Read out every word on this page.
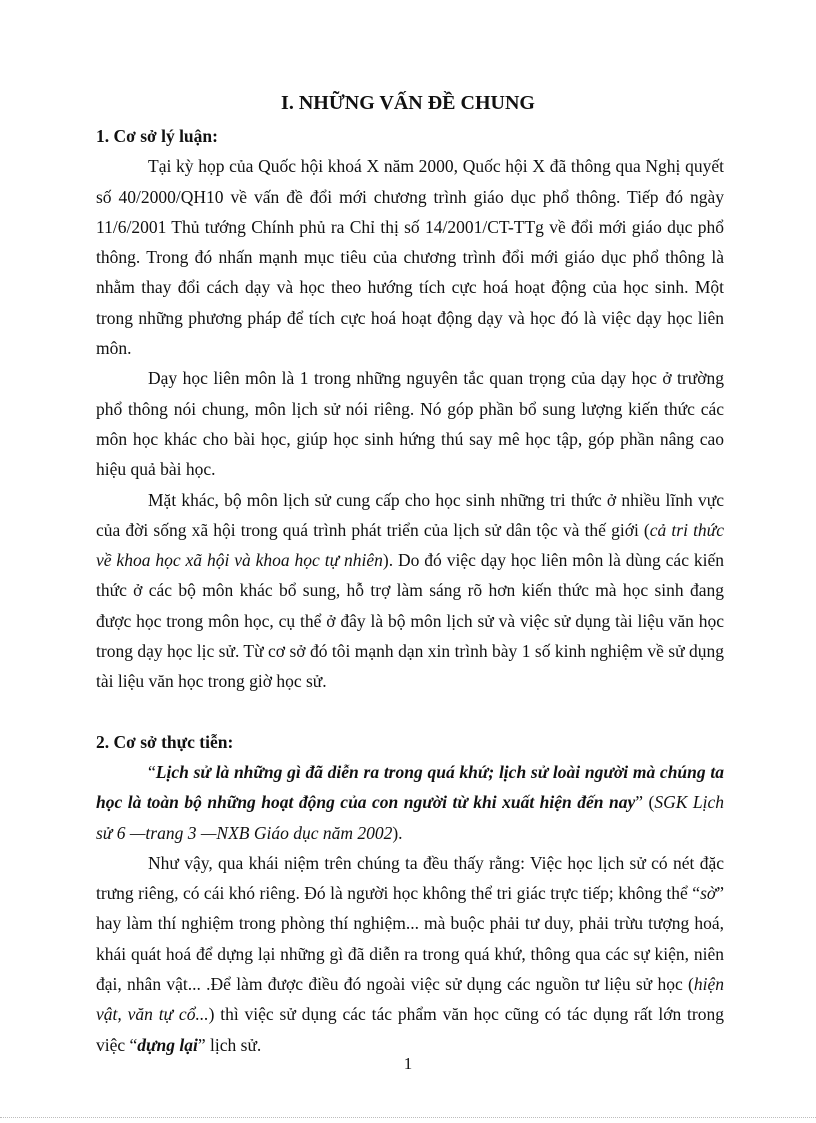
I. NHỮNG VẤN ĐỀ CHUNG

1. Cơ sở lý luận:

Tại kỳ họp của Quốc hội khoá X năm 2000, Quốc hội X đã thông qua Nghị quyết số 40/2000/QH10 về vấn đề đổi mới chương trình giáo dục phổ thông. Tiếp đó ngày 11/6/2001 Thủ tướng Chính phủ ra Chỉ thị số 14/2001/CT-TTg về đổi mới giáo dục phổ thông. Trong đó nhấn mạnh mục tiêu của chương trình đổi mới giáo dục phổ thông là nhằm thay đổi cách dạy và học theo hướng tích cực hoá hoạt động của học sinh. Một trong những phương pháp để tích cực hoá hoạt động dạy và học đó là việc dạy học liên môn.

Dạy học liên môn là 1 trong những nguyên tắc quan trọng của dạy học ở trường phổ thông nói chung, môn lịch sử nói riêng. Nó góp phần bổ sung lượng kiến thức các môn học khác cho bài học, giúp học sinh hứng thú say mê học tập, góp phần nâng cao hiệu quả bài học.

Mặt khác, bộ môn lịch sử cung cấp cho học sinh những tri thức ở nhiều lĩnh vực của đời sống xã hội trong quá trình phát triển của lịch sử dân tộc và thế giới (cả tri thức về khoa học xã hội và khoa học tự nhiên). Do đó việc dạy học liên môn là dùng các kiến thức ở các bộ môn khác bổ sung, hỗ trợ làm sáng rõ hơn kiến thức mà học sinh đang được học trong môn học, cụ thể ở đây là bộ môn lịch sử và việc sử dụng tài liệu văn học trong dạy học lịc sử. Từ cơ sở đó tôi mạnh dạn xin trình bày 1 số kinh nghiệm về sử dụng tài liệu văn học trong giờ học sử.

2. Cơ sở thực tiễn:

“Lịch sử là những gì đã diễn ra trong quá khứ; lịch sử loài người mà chúng ta học là toàn bộ những hoạt động của con người từ khi xuất hiện đến nay” (SGK Lịch sử 6 —trang 3 —NXB Giáo dục năm 2002).

Như vậy, qua khái niệm trên chúng ta đều thấy rằng: Việc học lịch sử có nét đặc trưng riêng, có cái khó riêng. Đó là người học không thể tri giác trực tiếp; không thể “sờ” hay làm thí nghiệm trong phòng thí nghiệm... mà buộc phải tư duy, phải trừu tượng hoá, khái quát hoá để dựng lại những gì đã diễn ra trong quá khứ, thông qua các sự kiện, niên đại, nhân vật... .Để làm được điều đó ngoài việc sử dụng các nguồn tư liệu sử học (hiện vật, văn tự cổ...) thì việc sử dụng các tác phẩm văn học cũng có tác dụng rất lớn trong việc “dựng lại” lịch sử.

1
